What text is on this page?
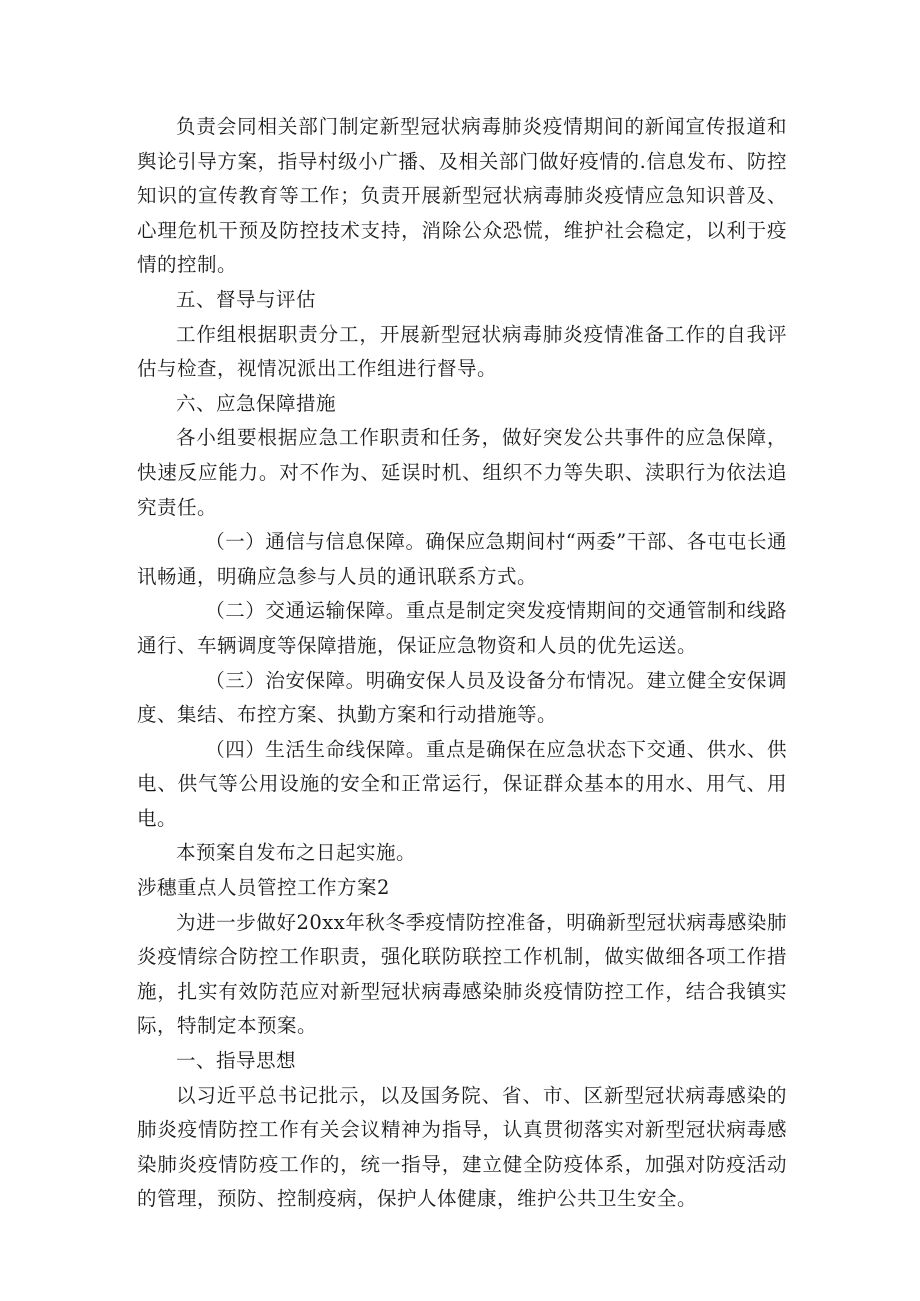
负责会同相关部门制定新型冠状病毒肺炎疫情期间的新闻宣传报道和舆论引导方案，指导村级小广播、及相关部门做好疫情的.信息发布、防控知识的宣传教育等工作；负责开展新型冠状病毒肺炎疫情应急知识普及、心理危机干预及防控技术支持，消除公众恐慌，维护社会稳定，以利于疫情的控制。

五、督导与评估

工作组根据职责分工，开展新型冠状病毒肺炎疫情准备工作的自我评估与检查，视情况派出工作组进行督导。

六、应急保障措施

各小组要根据应急工作职责和任务，做好突发公共事件的应急保障，快速反应能力。对不作为、延误时机、组织不力等失职、渎职行为依法追究责任。

（一）通信与信息保障。确保应急期间村“两委”干部、各屯屯长通讯畅通，明确应急参与人员的通讯联系方式。

（二）交通运输保障。重点是制定突发疫情期间的交通管制和线路通行、车辆调度等保障措施，保证应急物资和人员的优先运送。

（三）治安保障。明确安保人员及设备分布情况。建立健全安保调度、集结、布控方案、执勤方案和行动措施等。

（四）生活生命线保障。重点是确保在应急状态下交通、供水、供电、供气等公用设施的安全和正常运行，保证群众基本的用水、用气、用电。

本预案自发布之日起实施。

涉穗重点人员管控工作方案2

为进一步做好20xx年秋冬季疫情防控准备，明确新型冠状病毒感染肺炎疫情综合防控工作职责，强化联防联控工作机制，做实做细各项工作措施，扎实有效防范应对新型冠状病毒感染肺炎疫情防控工作，结合我镇实际，特制定本预案。

一、指导思想

以习近平总书记批示，以及国务院、省、市、区新型冠状病毒感染的肺炎疫情防控工作有关会议精神为指导，认真贯彻落实对新型冠状病毒感染肺炎疫情防疫工作的，统一指导，建立健全防疫体系，加强对防疫活动的管理，预防、控制疫病，保护人体健康，维护公共卫生安全。
